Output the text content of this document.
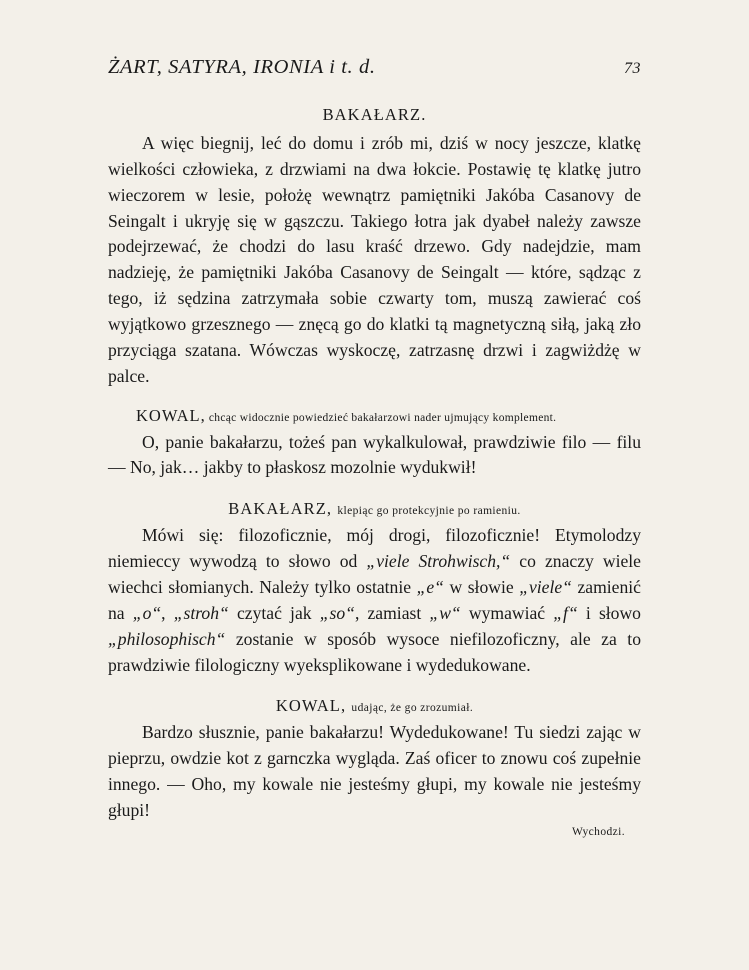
ŻART, SATYRA, IRONIA i t. d.	73
BAKAŁARZ.

A więc biegnij, leć do domu i zrób mi, dziś w nocy jeszcze, klatkę wielkości człowieka, z drzwiami na dwa łokcie. Postawię tę klatkę jutro wieczorem w lesie, położę wewnątrz pamiętniki Jakóba Casanovy de Seingalt i ukryję się w gąszczu. Takiego łotra jak dyabeł należy zawsze podejrzewać, że chodzi do lasu kraść drzewo. Gdy nadejdzie, mam nadzieję, że pamiętniki Jakóba Casanovy de Seingalt — które, sądząc z tego, iż sędzina zatrzymała sobie czwarty tom, muszą zawierać coś wyjątkowo grzesznego — znęcą go do klatki tą magnetyczną siłą, jaką zło przyciąga szatana. Wówczas wyskoczę, zatrzasnę drzwi i zagwiżdżę w palce.

KOWAL, chcąc widocznie powiedzieć bakałarzowi nader ujmujący komplement.

O, panie bakałarzu, tożeś pan wykalkulował, prawdziwie filo — filu — No, jak… jakby to płaskosz mozolnie wydukwił!

BAKAŁARZ, klepiąc go protekcyjnie po ramieniu.

Mówi się: filozoficznie, mój drogi, filozoficznie! Etymolodzy niemieccy wywodzą to słowo od „viele Strohwisch,“ co znaczy wiele wiechci słomianych. Należy tylko ostatnie „e“ w słowie „viele“ zamienić na „o“, „stroh“ czytać jak „so“, zamiast „w“ wymawiać „f“ i słowo „philosophisch“ zostanie w sposób wysoce niefilozoficzny, ale za to prawdziwie filologiczny wyeksplikowane i wydedukowane.

KOWAL, udając, że go zrozumiał.

Bardzo słusznie, panie bakałarzu! Wydedukowane! Tu siedzi zając w pieprzu, owdzie kot z garnczka wygląda. Zaś oficer to znowu coś zupełnie innego. — Oho, my kowale nie jesteśmy głupi, my kowale nie jesteśmy głupi!

Wychodzi.
